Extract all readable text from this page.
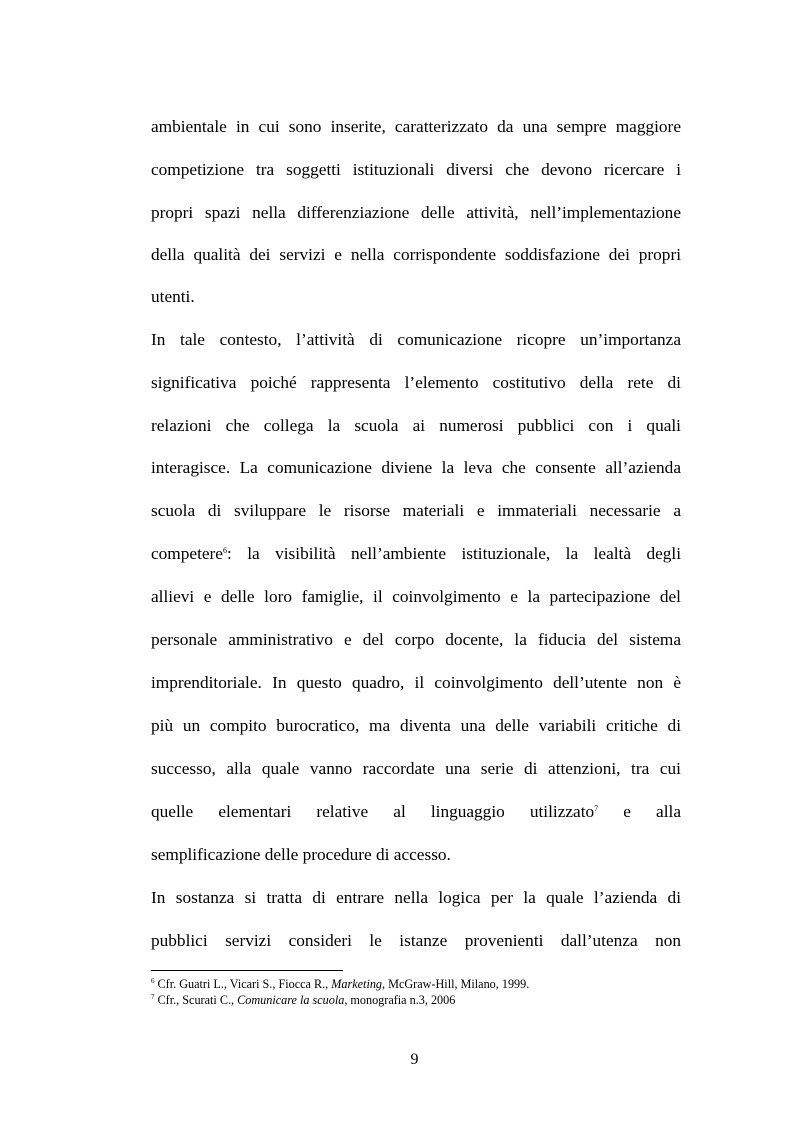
ambientale in cui sono inserite, caratterizzato da una sempre maggiore
competizione tra soggetti istituzionali diversi che devono ricercare i
propri spazi nella differenziazione delle attività, nell’implementazione
della qualità dei servizi e nella corrispondente soddisfazione dei propri
utenti.
In tale contesto, l’attività di comunicazione ricopre un’importanza
significativa poiché rappresenta l’elemento costitutivo della rete di
relazioni che collega la scuola ai numerosi pubblici con i quali
interagisce. La comunicazione diviene la leva che consente all’azienda
scuola di sviluppare le risorse materiali e immateriali necessarie a
competere$^6$: la visibilità nell’ambiente istituzionale, la lealtà degli
allievi e delle loro famiglie, il coinvolgimento e la partecipazione del
personale amministrativo e del corpo docente, la fiducia del sistema
imprenditoriale. In questo quadro, il coinvolgimento dell’utente non è
più un compito burocratico, ma diventa una delle variabili critiche di
successo, alla quale vanno raccordate una serie di attenzioni, tra cui
quelle elementari relative al linguaggio utilizzato$^7$ e alla
semplificazione delle procedure di accesso.
In sostanza si tratta di entrare nella logica per la quale l’azienda di
pubblici servizi consideri le istanze provenienti dall’utenza non
$^6$ Cfr. Guatri L., Vicari S., Fiocca R., Marketing, McGraw-Hill, Milano, 1999.
$^7$ Cfr., Scurati C., Comunicare la scuola, monografia n.3, 2006
9
